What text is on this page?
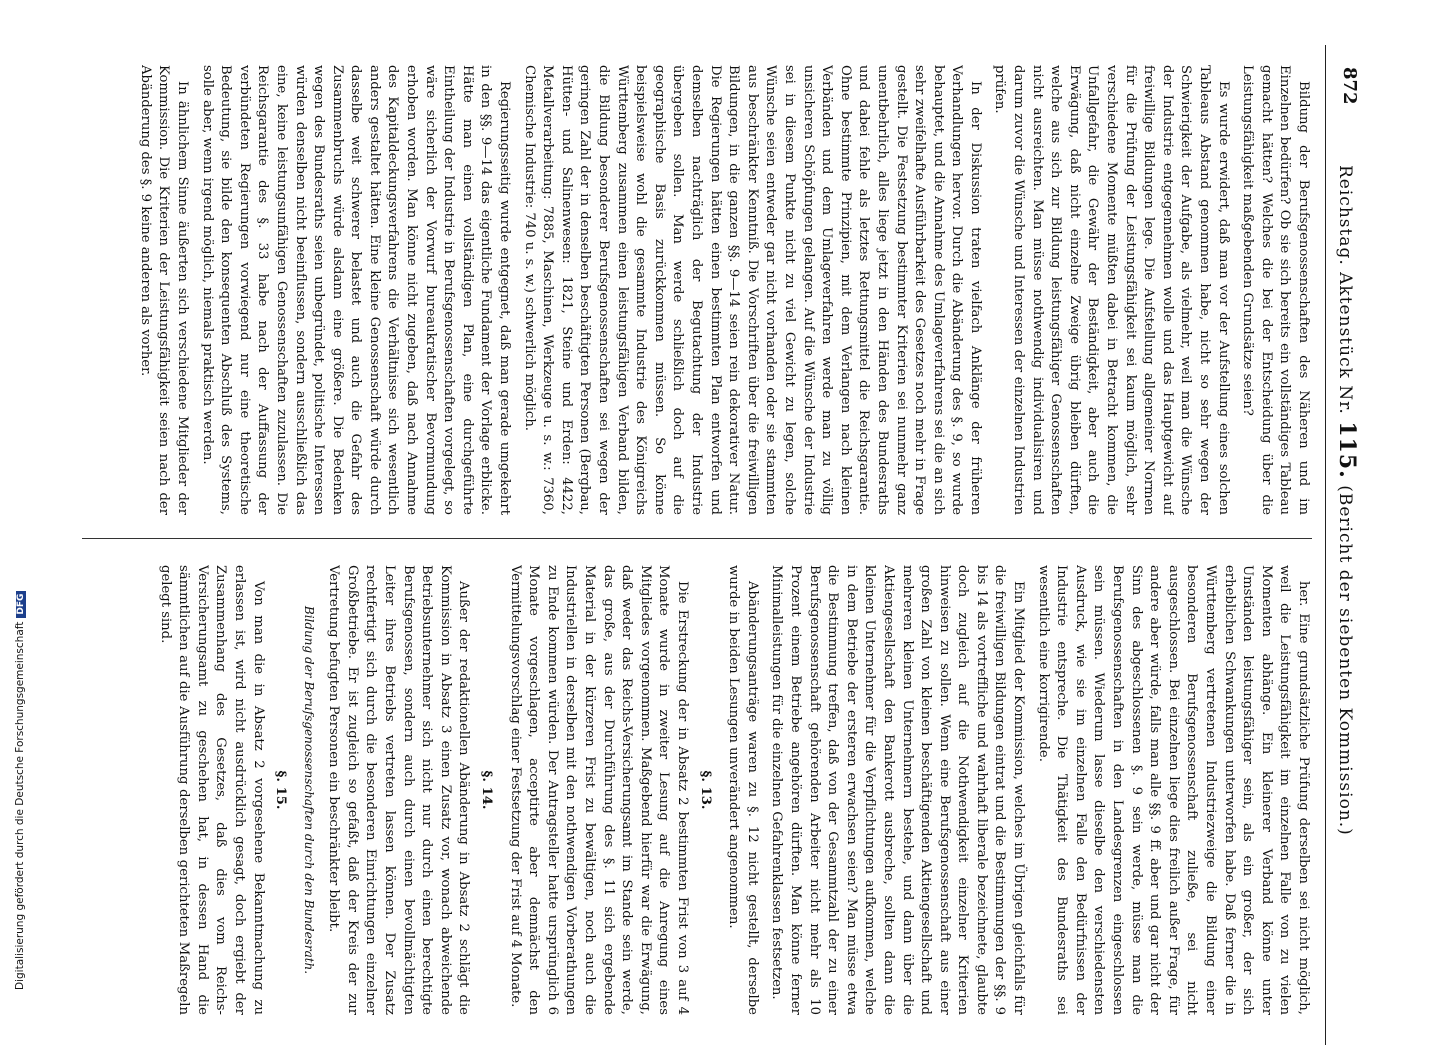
Digitalisierung gefördert durch die Deutsche ForschungsgemeinschaftDFG
872
Reichstag. Aktenstück Nr. 115. (Bericht der siebenten Kommission.)

Bildung der Berufsgenossenschaften des Näheren und im Einzelnen bedürfen? Ob sie sich bereits ein vollständiges Tableau gemacht hätten? Welches die bei der Entscheidung über die Leistungsfähigkeit maßgebenden Grundsätze seien?

Es wurde erwidert, daß man vor der Aufstellung eines solchen Tableaus Abstand genommen habe, nicht so sehr wegen der Schwierigkeit der Aufgabe, als vielmehr, weil man die Wünsche der Industrie entgegennehmen wolle und das Hauptgewicht auf freiwillige Bildungen lege. Die Aufstellung allgemeiner Normen für die Prüfung der Leistungsfähigkeit sei kaum möglich, sehr verschiedene Momente müßten dabei in Betracht kommen, die Unfallgefahr, die Gewähr der Beständigkeit, aber auch die Erwägung, daß nicht einzelne Zweige übrig bleiben dürften, welche aus sich zur Bildung leistungsfähiger Genossenschaften nicht ausreichten. Man müsse nothwendig individualisiren und darum zuvor die Wünsche und Interessen der einzelnen Industrien prüfen.

In der Diskussion traten vielfach Anklänge der früheren Verhandlungen hervor. Durch die Abänderung des §. 9, so wurde behauptet, und die Annahme des Umlageverfahrens sei die an sich sehr zweifelhafte Ausführbarkeit des Gesetzes noch mehr in Frage gestellt. Die Festsetzung bestimmter Kriterien sei nunmehr ganz unentbehrlich, alles liege jetzt in den Händen des Bundesraths und dabei fehle als letztes Rettungsmittel die Reichsgarantie. Ohne bestimmte Prinzipien, mit dem Verlangen nach kleinen Verbänden und dem Umlageverfahren werde man zu völlig unsicheren Schöpfungen gelangen. Auf die Wünsche der Industrie sei in diesem Punkte nicht zu viel Gewicht zu legen, solche Wünsche seien entweder gar nicht vorhanden oder sie stammten aus beschränkter Kenntniß. Die Vorschriften über die freiwilligen Bildungen, in die ganzen §§. 9—14 seien rein dekorativer Natur. Die Regierungen hätten einen bestimmten Plan entworfen und demselben nachträglich der Begutachtung der Industrie übergeben sollen. Man werde schließlich doch auf die geographische Basis zurückkommen müssen. So könne beispielsweise wohl die gesammte Industrie des Königreichs Württemberg zusammen einen leistungsfähigen Verband bilden, die Bildung besonderer Berufsgenossenschaften sei wegen der geringen Zahl der in denselben beschäftigten Personen (Bergbau, Hütten- und Salinenwesen: 1821, Steine und Erden: 4422, Metallverarbeitung: 7885, Maschinen, Werkzeuge u. s. w.: 7360, Chemische Industrie: 740 u. s. w.) schwerlich möglich.

Regierungsseitig wurde entgegnet, daß man gerade umgekehrt in den §§. 9—14 das eigentliche Fundament der Vorlage erblicke. Hätte man einen vollständigen Plan, eine durchgeführte Eintheilung der Industrie in Berufsgenossenschaften vorgelegt, so wäre sicherlich der Vorwurf bureaukratischer Bevormundung erhoben worden. Man könne nicht zugeben, daß nach Annahme des Kapitaldeckungsverfahrens die Verhältnisse sich wesentlich anders gestaltet hätten. Eine kleine Genossenschaft würde durch dasselbe weit schwerer belastet und auch die Gefahr des Zusammenbruchs würde alsdann eine größere. Die Bedenken wegen des Bundesraths seien unbegründet, politische Interessen würden denselben nicht beeinflussen, sondern ausschließlich das eine, keine leistungsunfähigen Genossenschaften zuzulassen. Die Reichsgarantie des §. 33 habe nach der Auffassung der verbündeten Regierungen vorwiegend nur eine theoretische Bedeutung, sie bilde den konsequenten Abschluß des Systems, solle aber, wenn irgend möglich, niemals praktisch werden.

In ähnlichem Sinne äußerten sich verschiedene Mitglieder der Kommission. Die Kriterien der Leistungsfähigkeit seien nach der Abänderung des §. 9 keine anderen als vorher.

her. Eine grundsätzliche Prüfung derselben sei nicht möglich, weil die Leistungsfähigkeit im einzelnen Falle von zu vielen Momenten abhänge. Ein kleinerer Verband könne unter Umständen leistungsfähiger sein, als ein großer, der sich erheblichen Schwankungen unterworfen habe. Daß ferner die in Württemberg vertretenen Industriezweige die Bildung einer besonderen Berufsgenossenschaft zuließe, sei nicht ausgeschlossen. Bei einzelnen liege dies freilich außer Frage, für andere aber würde, falls man alle §§. 9 ff. aber und gar nicht der Sinn des abgeschlossenen §. 9 sein werde, müsse man die Berufsgenossenschaften in den Landesgrenzen eingeschlossen sein müssen. Wiederum lasse dieselbe den verschiedensten Ausdruck, wie sie im einzelnen Falle den Bedürfnissen der Industrie entspreche. Die Thätigkeit des Bundesraths sei wesentlich eine korrigirende.

Ein Mitglied der Kommission, welches im Übrigen gleichfalls für die freiwilligen Bildungen eintrat und die Bestimmungen der §§. 9 bis 14 als vortreffliche und wahrhaft liberale bezeichnete, glaubte doch zugleich auf die Nothwendigkeit einzelner Kriterien hinweisen zu sollen. Wenn eine Berufsgenossenschaft aus einer großen Zahl von kleinen beschäftigenden Aktiengesellschaft und mehreren kleinen Unternehmern bestehe, und dann über die Aktiengesellschaft den Bankerott ausbreche, sollten dann die kleinen Unternehmer für die Verpflichtungen aufkommen, welche in dem Betriebe der ersteren erwachsen seien? Man müsse etwa die Bestimmung treffen, daß von der Gesammtzahl der zu einer Berufsgenossenschaft gehörenden Arbeiter nicht mehr als 10 Prozent einem Betriebe angehören dürften. Man könne ferner Minimalleistungen für die einzelnen Gefahrenklassen festsetzen.

Abänderungsanträge waren zu §. 12 nicht gestellt, derselbe wurde in beiden Lesungen unverändert angenommen.

§. 13.

Die Erstreckung der in Absatz 2 bestimmten Frist von 3 auf 4 Monate wurde in zweiter Lesung auf die Anregung eines Mitgliedes vorgenommen. Maßgebend hierfür war die Erwägung, daß weder das Reichs-Versicherungsamt im Stande sein werde, das große, aus der Durchführung des §. 11 sich ergebende Material in der kürzeren Frist zu bewältigen, noch auch die Industriellen in derselben mit den nothwendigen Vorberathungen zu Ende kommen würden. Der Antragsteller hatte ursprünglich 6 Monate vorgeschlagen, acceptirte aber demnächst den Vermittelungsvorschlag einer Festsetzung der Frist auf 4 Monate.

§. 14.

Außer der redaktionellen Abänderung in Absatz 2 schlägt die Kommission in Absatz 3 einen Zusatz vor, wonach abweichende Betriebsunternehmer sich nicht nur durch einen berechtigte Berufsgenossen, sondern auch durch einen bevollmächtigten Leiter ihres Betriebs vertreten lassen können. Der Zusatz rechtfertigt sich durch die besonderen Einrichtungen einzelner Großbetriebe. Er ist zugleich so gefaßt, daß der Kreis der zur Vertretung befugten Personen ein beschränkter bleibt.

Bildung der Berufsgenossenschaften durch den Bundesrath.

§. 15.

Von man die in Absatz 2 vorgesehene Bekanntmachung zu erlassen ist, wird nicht ausdrücklich gesagt, doch ergiebt der Zusammenhang des Gesetzes, daß dies vom Reichs-Versicherungsamt zu geschehen hat, in dessen Hand die sämmtlichen auf die Ausführung derselben gerichteten Maßregeln gelegt sind.
